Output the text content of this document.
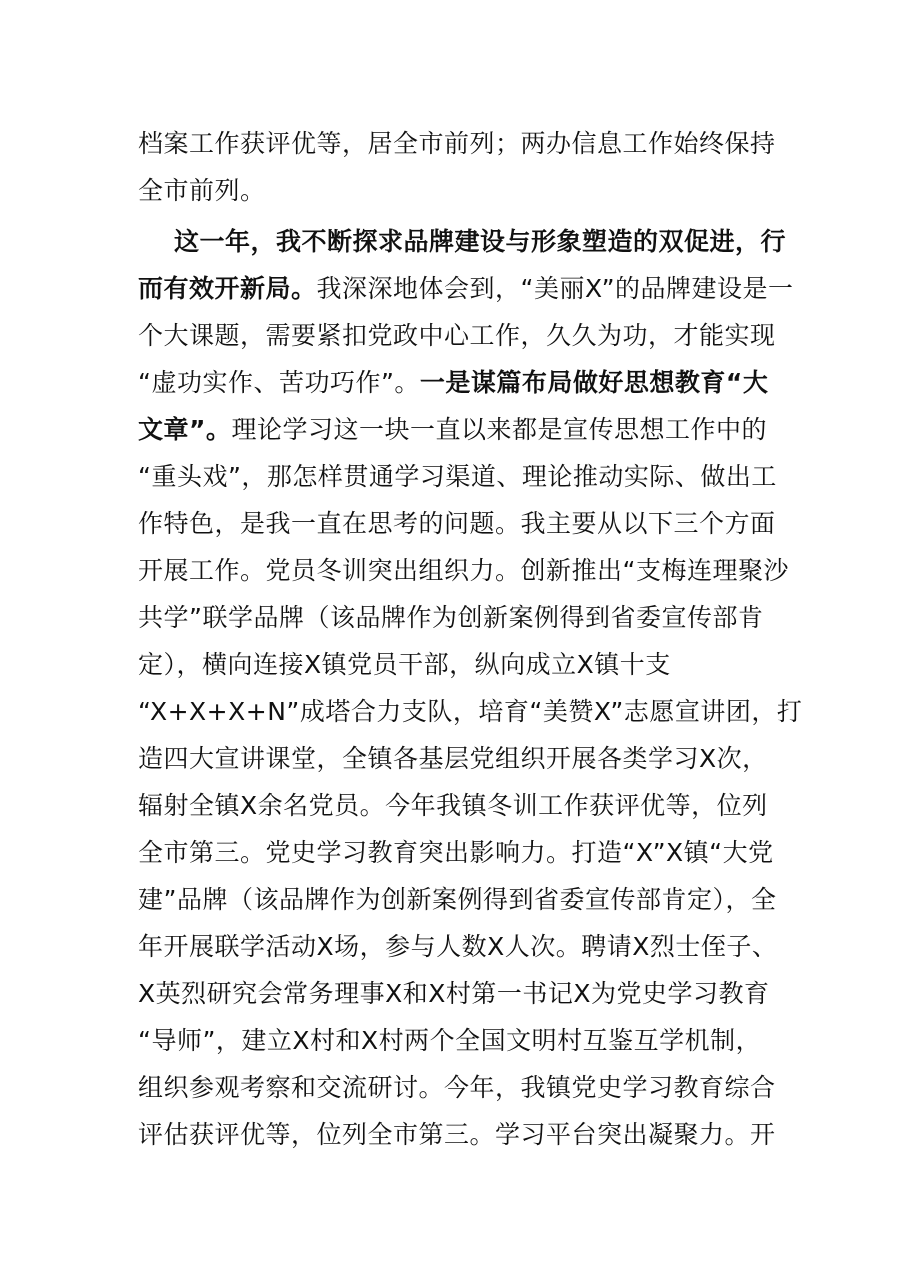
档案工作获评优等，居全市前列；两办信息工作始终保持
全市前列。
这一年，我不断探求品牌建设与形象塑造的双促进，行
而有效开新局。我深深地体会到，“美丽X”的品牌建设是一
个大课题，需要紧扣党政中心工作，久久为功，才能实现
“虚功实作、苦功巧作”。一是谋篇布局做好思想教育“大
文章”。理论学习这一块一直以来都是宣传思想工作中的
“重头戏”，那怎样贯通学习渠道、理论推动实际、做出工
作特色，是我一直在思考的问题。我主要从以下三个方面
开展工作。党员冬训突出组织力。创新推出“支梅连理聚沙
共学”联学品牌（该品牌作为创新案例得到省委宣传部肯
定），横向连接X镇党员干部，纵向成立X镇十支
“X+X+X+N”成塔合力支队，培育“美赞X”志愿宣讲团，打
造四大宣讲课堂，全镇各基层党组织开展各类学习X次，
辐射全镇X余名党员。今年我镇冬训工作获评优等，位列
全市第三。党史学习教育突出影响力。打造“X”X镇“大党
建”品牌（该品牌作为创新案例得到省委宣传部肯定），全
年开展联学活动X场，参与人数X人次。聘请X烈士侄子、
X英烈研究会常务理事X和X村第一书记X为党史学习教育
“导师”，建立X村和X村两个全国文明村互鉴互学机制，
组织参观考察和交流研讨。今年，我镇党史学习教育综合
评估获评优等，位列全市第三。学习平台突出凝聚力。开
